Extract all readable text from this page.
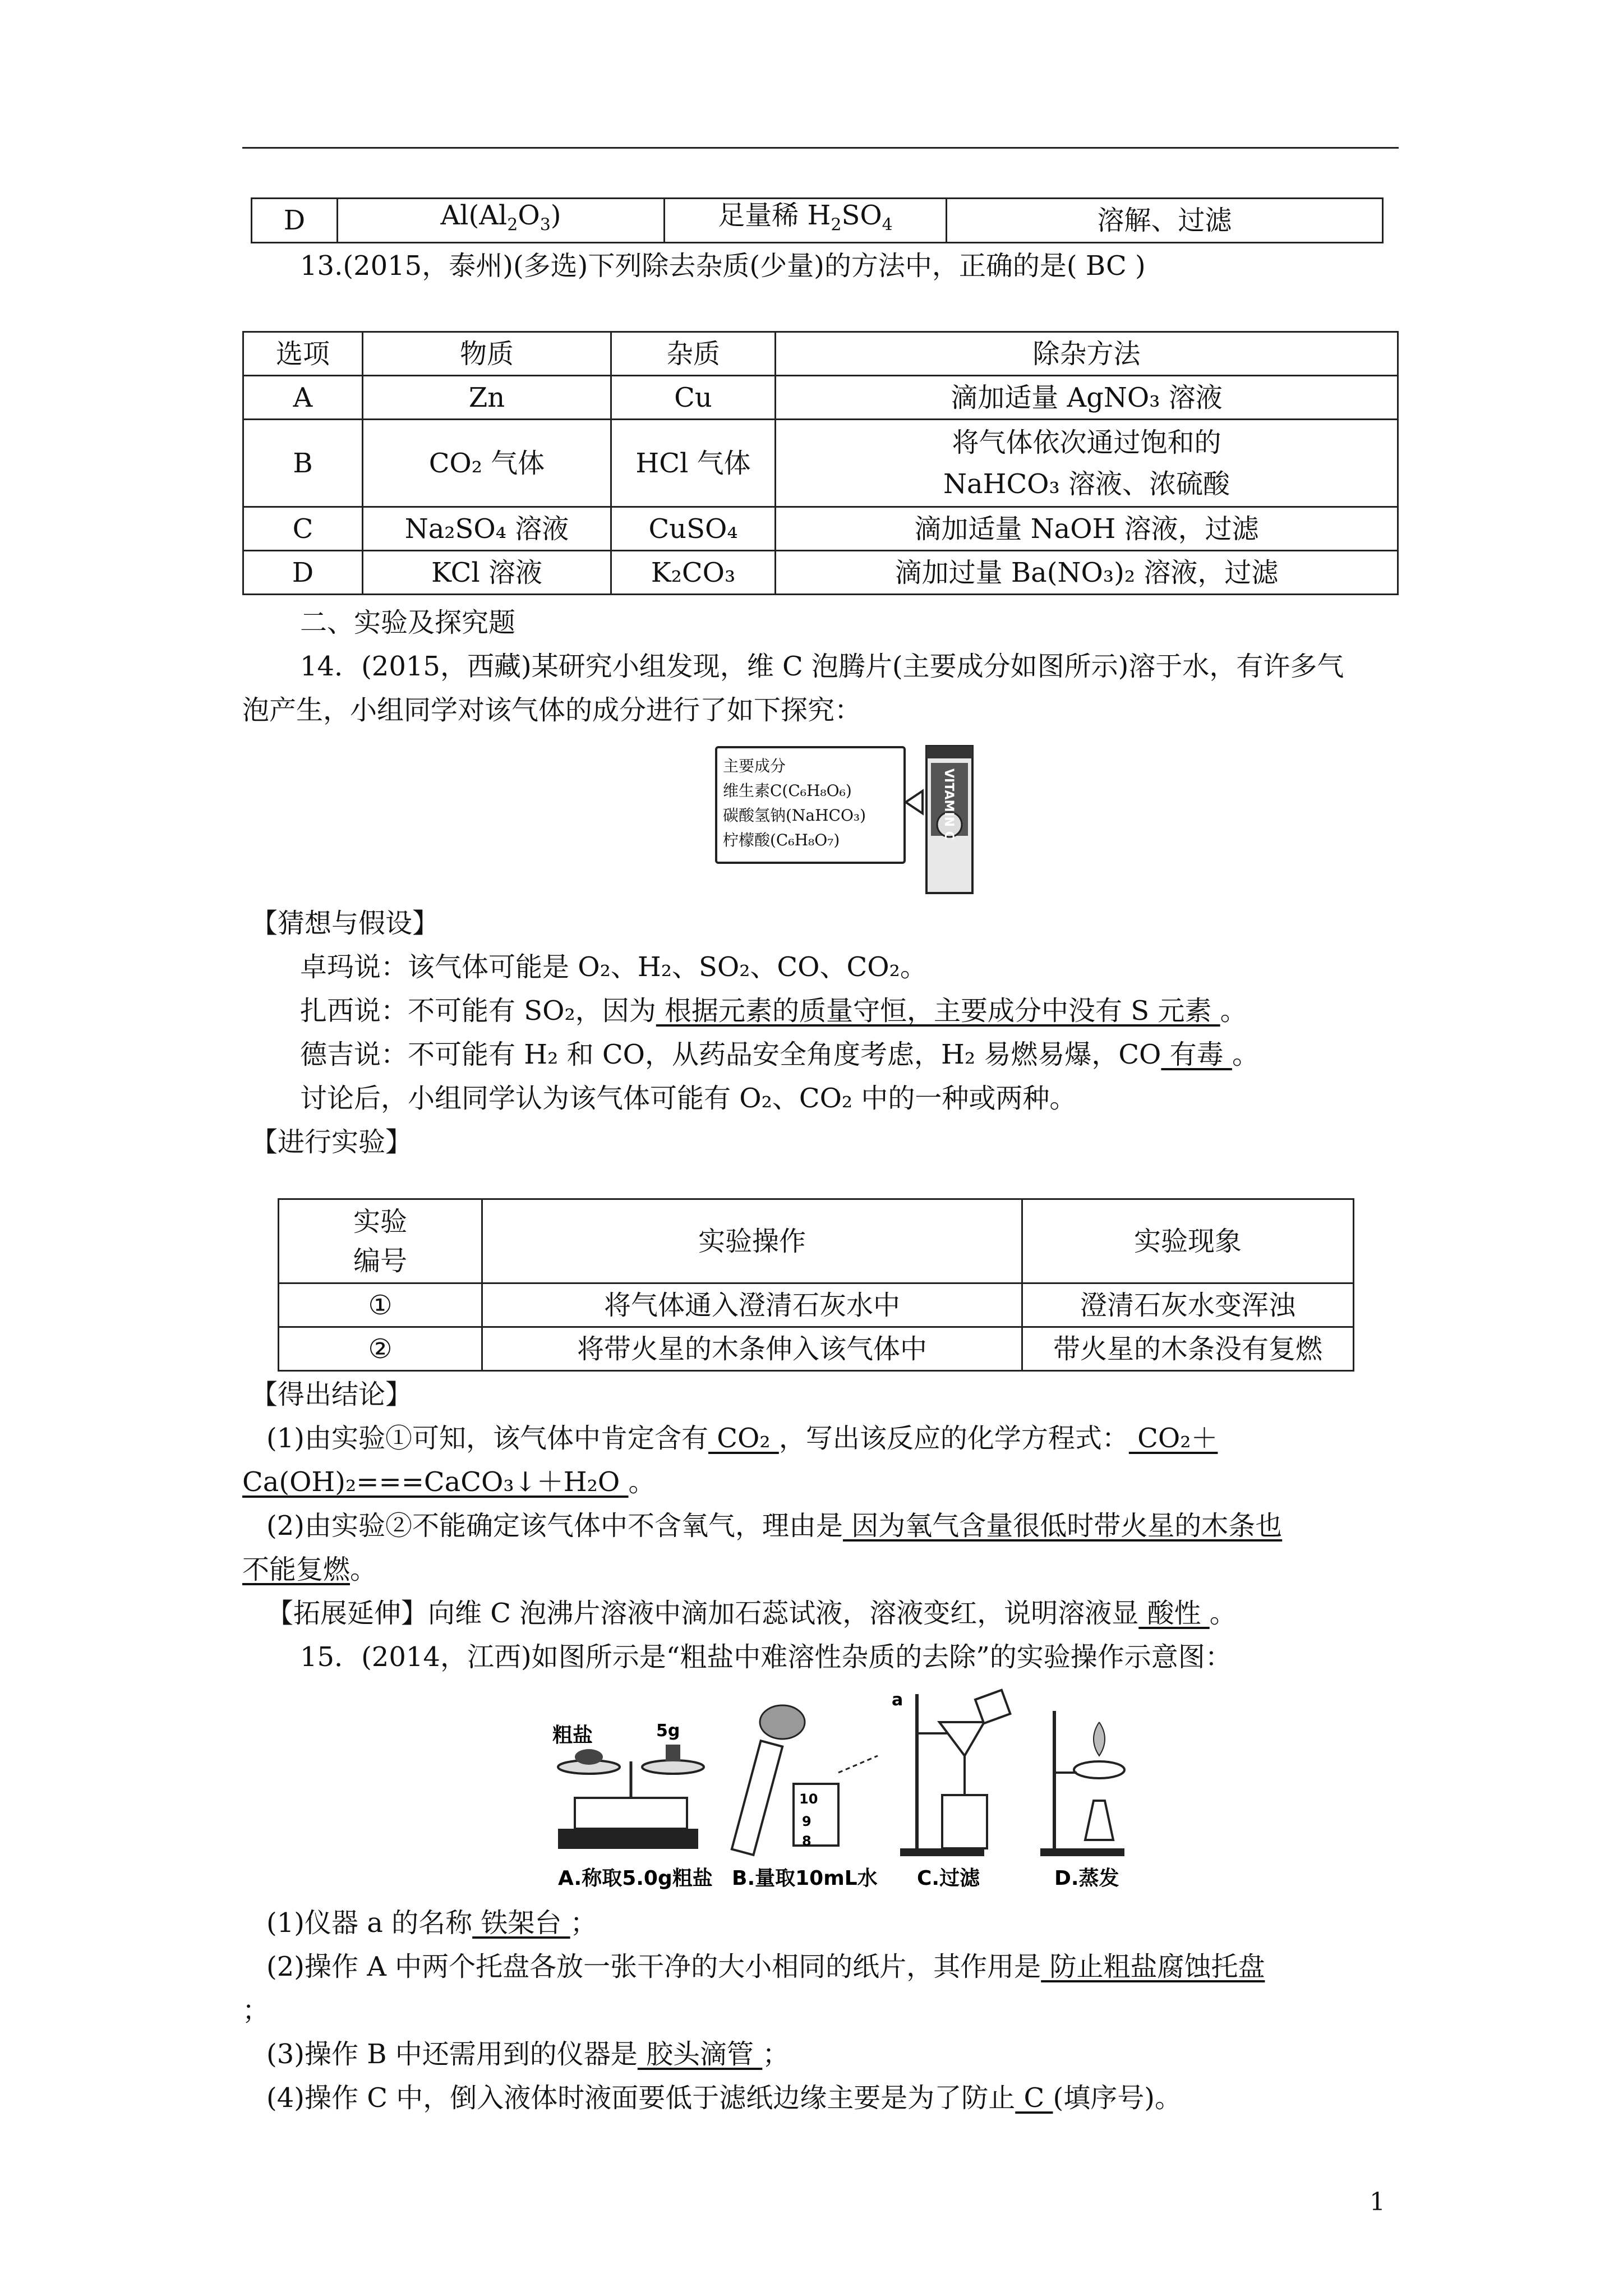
D	$Al(Al_2O_3)$	足量稀 $H_2SO_4$	溶解、过滤
13.(2015，泰州)(多选)下列除去杂质(少量)的方法中，正确的是( BC )
选项	物质	杂质	除杂方法
A	Zn	Cu	滴加适量 AgNO₃ 溶液
B	CO₂ 气体	HCl 气体	将气体依次通过饱和的
NaHCO₃ 溶液、浓硫酸

C	Na₂SO₄ 溶液	CuSO₄	滴加适量 NaOH 溶液，过滤
D	KCl 溶液	K₂CO₃	滴加过量 Ba(NO₃)₂ 溶液，过滤
二、实验及探究题
14．(2015，西藏)某研究小组发现，维 C 泡腾片(主要成分如图所示)溶于水，有许多气
泡产生，小组同学对该气体的成分进行了如下探究：
主要成分
维生素C(C₆H₈O₆)
碳酸氢钠(NaHCO₃)
柠檬酸(C₆H₈O₇)	VITAMIN C
【猜想与假设】
卓玛说：该气体可能是 O₂、H₂、SO₂、CO、CO₂。
扎西说：不可能有 SO₂，因为 根据元素的质量守恒，主要成分中没有 S 元素 。
德吉说：不可能有 H₂ 和 CO，从药品安全角度考虑，H₂ 易燃易爆，CO 有毒 。
讨论后，小组同学认为该气体可能有 O₂、CO₂ 中的一种或两种。
【进行实验】
实验
编号	实验操作	实验现象
①	将气体通入澄清石灰水中	澄清石灰水变浑浊
②	将带火星的木条伸入该气体中	带火星的木条没有复燃
【得出结论】
(1)由实验①可知，该气体中肯定含有 CO₂ ，写出该反应的化学方程式： CO₂＋
Ca(OH)₂===CaCO₃↓＋H₂O 。
(2)由实验②不能确定该气体中不含氧气，理由是 因为氧气含量很低时带火星的木条也
不能复燃。
【拓展延伸】向维 C 泡沸片溶液中滴加石蕊试液，溶液变红，说明溶液显 酸性 。
15．(2014，江西)如图所示是“粗盐中难溶性杂质的去除”的实验操作示意图：
粗盐	5g
10
9
8
a
A.称取5.0g粗盐 B.量取10mL水 C.过滤	D.蒸发
(1)仪器 a 的名称 铁架台 ；
(2)操作 A 中两个托盘各放一张干净的大小相同的纸片，其作用是 防止粗盐腐蚀托盘
；
(3)操作 B 中还需用到的仪器是 胶头滴管 ；
(4)操作 C 中，倒入液体时液面要低于滤纸边缘主要是为了防止 C (填序号)。
1
